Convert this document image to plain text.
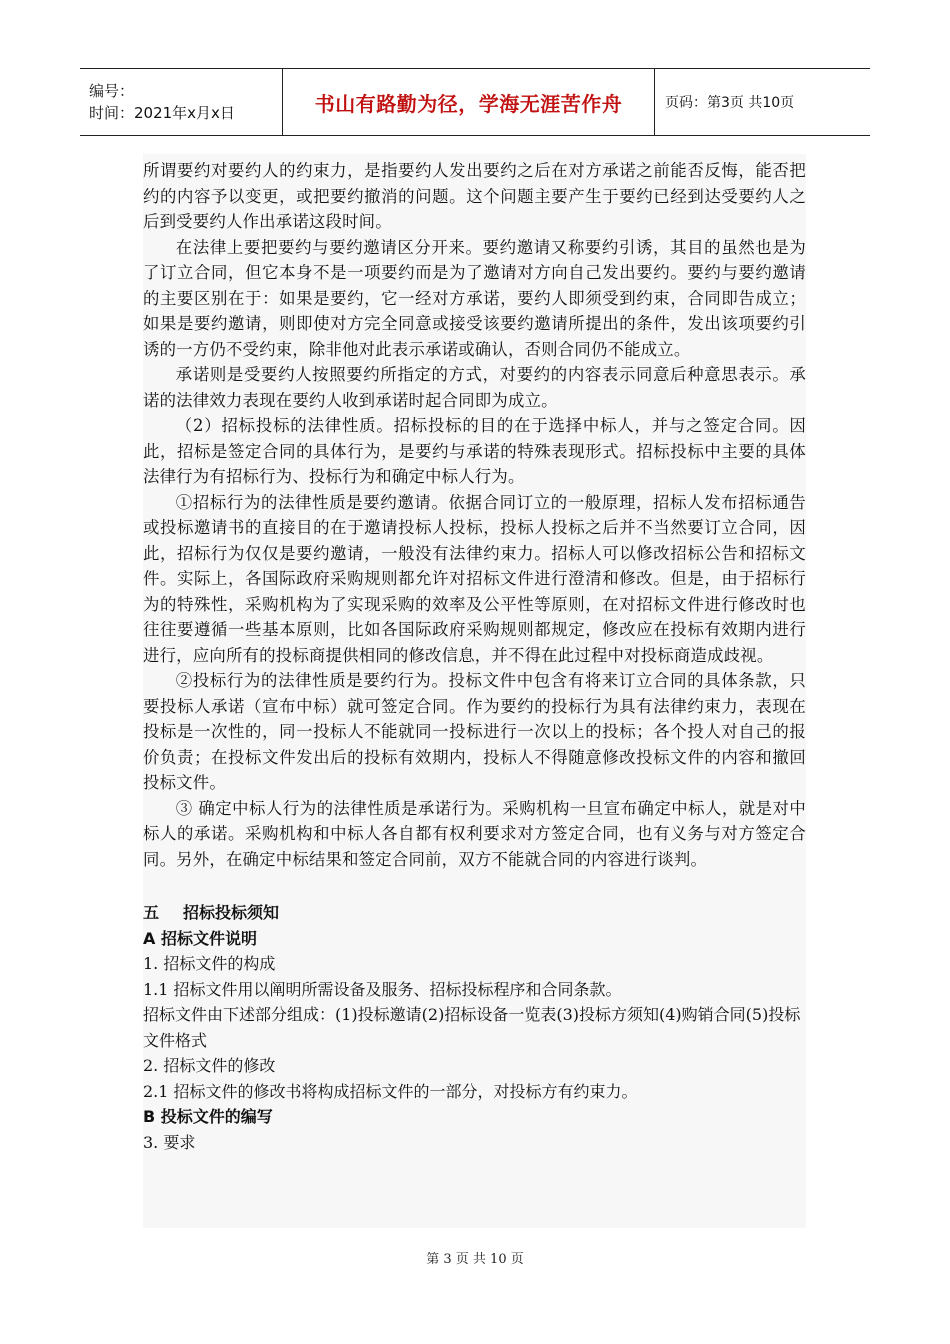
编号：
时间：2021年x月x日	书山有路勤为径，学海无涯苦作舟	页码：第3页 共10页

所谓要约对要约人的约束力，是指要约人发出要约之后在对方承诺之前能否反悔，能否把约的内容予以变更，或把要约撤消的问题。这个问题主要产生于要约已经到达受要约人之后到受要约人作出承诺这段时间。

在法律上要把要约与要约邀请区分开来。要约邀请又称要约引诱，其目的虽然也是为了订立合同，但它本身不是一项要约而是为了邀请对方向自己发出要约。要约与要约邀请的主要区别在于：如果是要约，它一经对方承诺，要约人即须受到约束，合同即告成立；如果是要约邀请，则即使对方完全同意或接受该要约邀请所提出的条件，发出该项要约引诱的一方仍不受约束，除非他对此表示承诺或确认，否则合同仍不能成立。

承诺则是受要约人按照要约所指定的方式，对要约的内容表示同意后种意思表示。承诺的法律效力表现在要约人收到承诺时起合同即为成立。

（2）招标投标的法律性质。招标投标的目的在于选择中标人，并与之签定合同。因此，招标是签定合同的具体行为，是要约与承诺的特殊表现形式。招标投标中主要的具体法律行为有招标行为、投标行为和确定中标人行为。

①招标行为的法律性质是要约邀请。依据合同订立的一般原理，招标人发布招标通告或投标邀请书的直接目的在于邀请投标人投标，投标人投标之后并不当然要订立合同，因此，招标行为仅仅是要约邀请，一般没有法律约束力。招标人可以修改招标公告和招标文件。实际上，各国际政府采购规则都允许对招标文件进行澄清和修改。但是，由于招标行为的特殊性，采购机构为了实现采购的效率及公平性等原则，在对招标文件进行修改时也往往要遵循一些基本原则，比如各国际政府采购规则都规定，修改应在投标有效期内进行进行，应向所有的投标商提供相同的修改信息，并不得在此过程中对投标商造成歧视。

②投标行为的法律性质是要约行为。投标文件中包含有将来订立合同的具体条款，只要投标人承诺（宣布中标）就可签定合同。作为要约的投标行为具有法律约束力，表现在投标是一次性的，同一投标人不能就同一投标进行一次以上的投标；各个投人对自己的报价负责；在投标文件发出后的投标有效期内，投标人不得随意修改投标文件的内容和撤回投标文件。

③ 确定中标人行为的法律性质是承诺行为。采购机构一旦宣布确定中标人，就是对中标人的承诺。采购机构和中标人各自都有权利要求对方签定合同，也有义务与对方签定合同。另外，在确定中标结果和签定合同前，双方不能就合同的内容进行谈判。

五 招标投标须知

A 招标文件说明

1. 招标文件的构成

1.1 招标文件用以阐明所需设备及服务、招标投标程序和合同条款。

招标文件由下述部分组成：(1)投标邀请(2)招标设备一览表(3)投标方须知(4)购销合同(5)投标文件格式

2. 招标文件的修改

2.1 招标文件的修改书将构成招标文件的一部分，对投标方有约束力。

B 投标文件的编写

3. 要求

第 3 页 共 10 页
